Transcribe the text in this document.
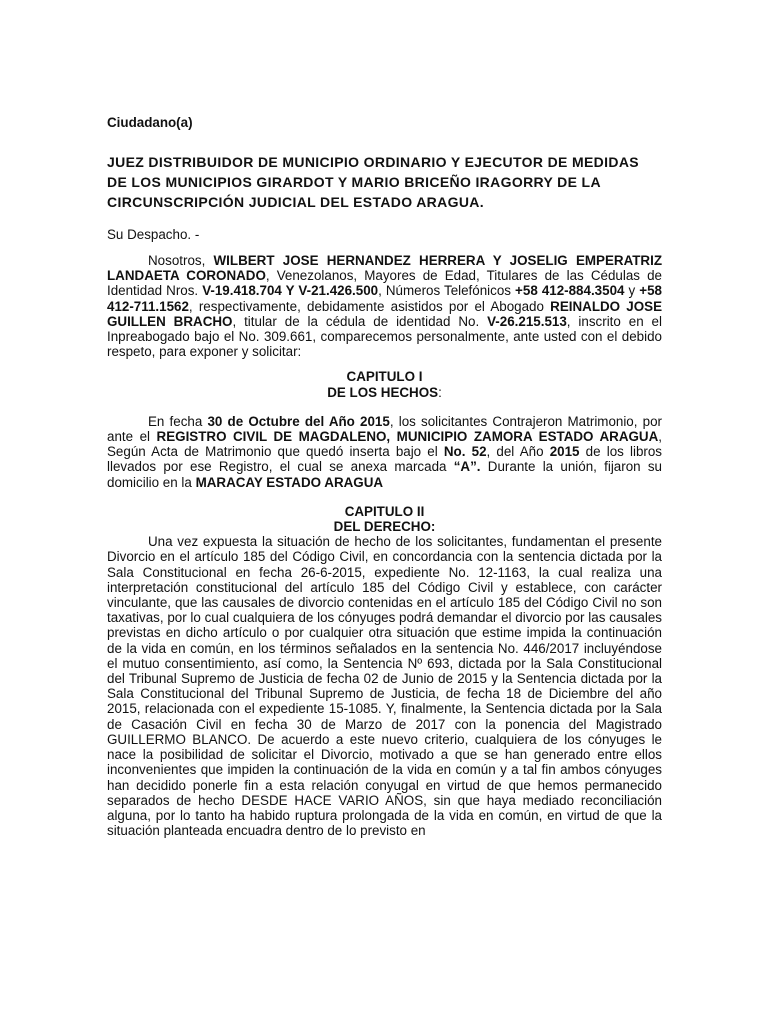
Ciudadano(a)

JUEZ DISTRIBUIDOR DE MUNICIPIO ORDINARIO Y EJECUTOR DE MEDIDAS DE LOS MUNICIPIOS GIRARDOT Y MARIO BRICEÑO IRAGORRY DE LA CIRCUNSCRIPCIÓN JUDICIAL DEL ESTADO ARAGUA.

Su Despacho. -

Nosotros, WILBERT JOSE HERNANDEZ HERRERA Y JOSELIG EMPERATRIZ LANDAETA CORONADO, Venezolanos, Mayores de Edad, Titulares de las Cédulas de Identidad Nros. V-19.418.704 Y V-21.426.500, Números Telefónicos +58 412-884.3504 y +58 412-711.1562, respectivamente, debidamente asistidos por el Abogado REINALDO JOSE GUILLEN BRACHO, titular de la cédula de identidad No. V-26.215.513, inscrito en el Inpreabogado bajo el No. 309.661, comparecemos personalmente, ante usted con el debido respeto, para exponer y solicitar:

CAPITULO I

DE LOS HECHOS:

En fecha 30 de Octubre del Año 2015, los solicitantes Contrajeron Matrimonio, por ante el REGISTRO CIVIL DE MAGDALENO, MUNICIPIO ZAMORA ESTADO ARAGUA, Según Acta de Matrimonio que quedó inserta bajo el No. 52, del Año 2015 de los libros llevados por ese Registro, el cual se anexa marcada “A”. Durante la unión, fijaron su domicilio en la MARACAY ESTADO ARAGUA

CAPITULO II

DEL DERECHO:

Una vez expuesta la situación de hecho de los solicitantes, fundamentan el presente Divorcio en el artículo 185 del Código Civil, en concordancia con la sentencia dictada por la Sala Constitucional en fecha 26-6-2015, expediente No. 12-1163, la cual realiza una interpretación constitucional del artículo 185 del Código Civil y establece, con carácter vinculante, que las causales de divorcio contenidas en el artículo 185 del Código Civil no son taxativas, por lo cual cualquiera de los cónyuges podrá demandar el divorcio por las causales previstas en dicho artículo o por cualquier otra situación que estime impida la continuación de la vida en común, en los términos señalados en la sentencia No. 446/2017 incluyéndose el mutuo consentimiento, así como, la Sentencia Nº 693, dictada por la Sala Constitucional del Tribunal Supremo de Justicia de fecha 02 de Junio de 2015 y la Sentencia dictada por la Sala Constitucional del Tribunal Supremo de Justicia, de fecha 18 de Diciembre del año 2015, relacionada con el expediente 15-1085. Y, finalmente, la Sentencia dictada por la Sala de Casación Civil en fecha 30 de Marzo de 2017 con la ponencia del Magistrado GUILLERMO BLANCO. De acuerdo a este nuevo criterio, cualquiera de los cónyuges le nace la posibilidad de solicitar el Divorcio, motivado a que se han generado entre ellos inconvenientes que impiden la continuación de la vida en común y a tal fin ambos cónyuges han decidido ponerle fin a esta relación conyugal en virtud de que hemos permanecido separados de hecho DESDE HACE VARIO AÑOS, sin que haya mediado reconciliación alguna, por lo tanto ha habido ruptura prolongada de la vida en común, en virtud de que la situación planteada encuadra dentro de lo previsto en
